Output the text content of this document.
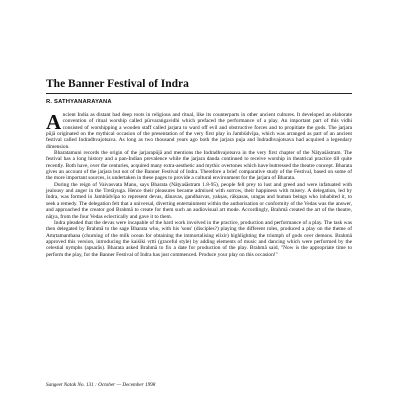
The Banner Festival of Indra
R. SATHYANARAYANA

Ancient India as distant had deep roots in religious and ritual, like its counterparts in other ancient cultures. It developed an elaborate convention of ritual worship called pūrvaraṅgavidhi which prefaced the performance of a play. An important part of this vidhi consisted of worshipping a wooden staff called jarjara to ward off evil and obstructive forces and to propitiate the gods. The jarjara pūjā originated on the mythical occasion of the presentation of the very first play in Jambūdvīpa, which was arranged as part of an ancient festival called Indradhvajotsava. As long as two thousand years ago both the jarjara puja and Indradhvajotsava had acquired a legendary dimension.

Bharatamuni records the origin of the jarjarapūjā and mentions the Indradhvajotsava in the very first chapter of the Nāṭyaśāstram. The festival has a long history and a pan-Indian prevalence while the jarjara danda continued to receive worship in theatrical practice till quite recently. Both have, over the centuries, acquired many extra-aesthetic and mythic overtones which have buttressed the theatre concept. Bharata gives an account of the jarjara but not of the Banner Festival of Indra. Therefore a brief comparative study of the Festival, based on some of the more important sources, is undertaken in these pages to provide a cultural environment for the jarjara of Bharata.

During the reign of Vaivasvata Manu, says Bharata (Nāṭyaśāstram 1.8-95), people fell prey to lust and greed and were infatuated with jealousy and anger in the Tretāyuga. Hence their pleasures became admixed with sorrow, their happiness with misery. A delegation, led by Indra, was formed in Jambūdvīpa to represent devas, dānavas, gandharvas, yakṣas, rākṣasas, uragas and human beings who inhabited it, to seek a remedy. The delegation felt that a universal, diverting entertainment within the authorisation or conformity of the Vedas was the answer, and approached the creator god Brahmā to create for them such an audiovisual art mode. Accordingly, Brahmā created the art of the theatre, nāṭya, from the four Vedas eclectically and gave it to them.

Indra pleaded that the devas were incapable of the hard work involved in the practice, production and performance of a play. The task was then delegated by Brahmā to the sage Bharata who, with his 'sons' (disciples?) playing the different roles, produced a play on the theme of Amṛtamanthana (churning of the milk ocean for obtaining the immortalising elixir) highlighting the triumph of gods over demons. Brahmā approved this version, introducing the kaiśiki vṛtti (graceful style) by adding elements of music and dancing which were performed by the celestial nymphs (apsarās). Bharata asked Brahmā to fix a date for production of the play. Brahmā said, "Now is the appropriate time to perform the play, for the Banner Festival of Indra has just commenced. Produce your play on this occasion!"

Sangeet Natak No. 131 : October — December 1998
